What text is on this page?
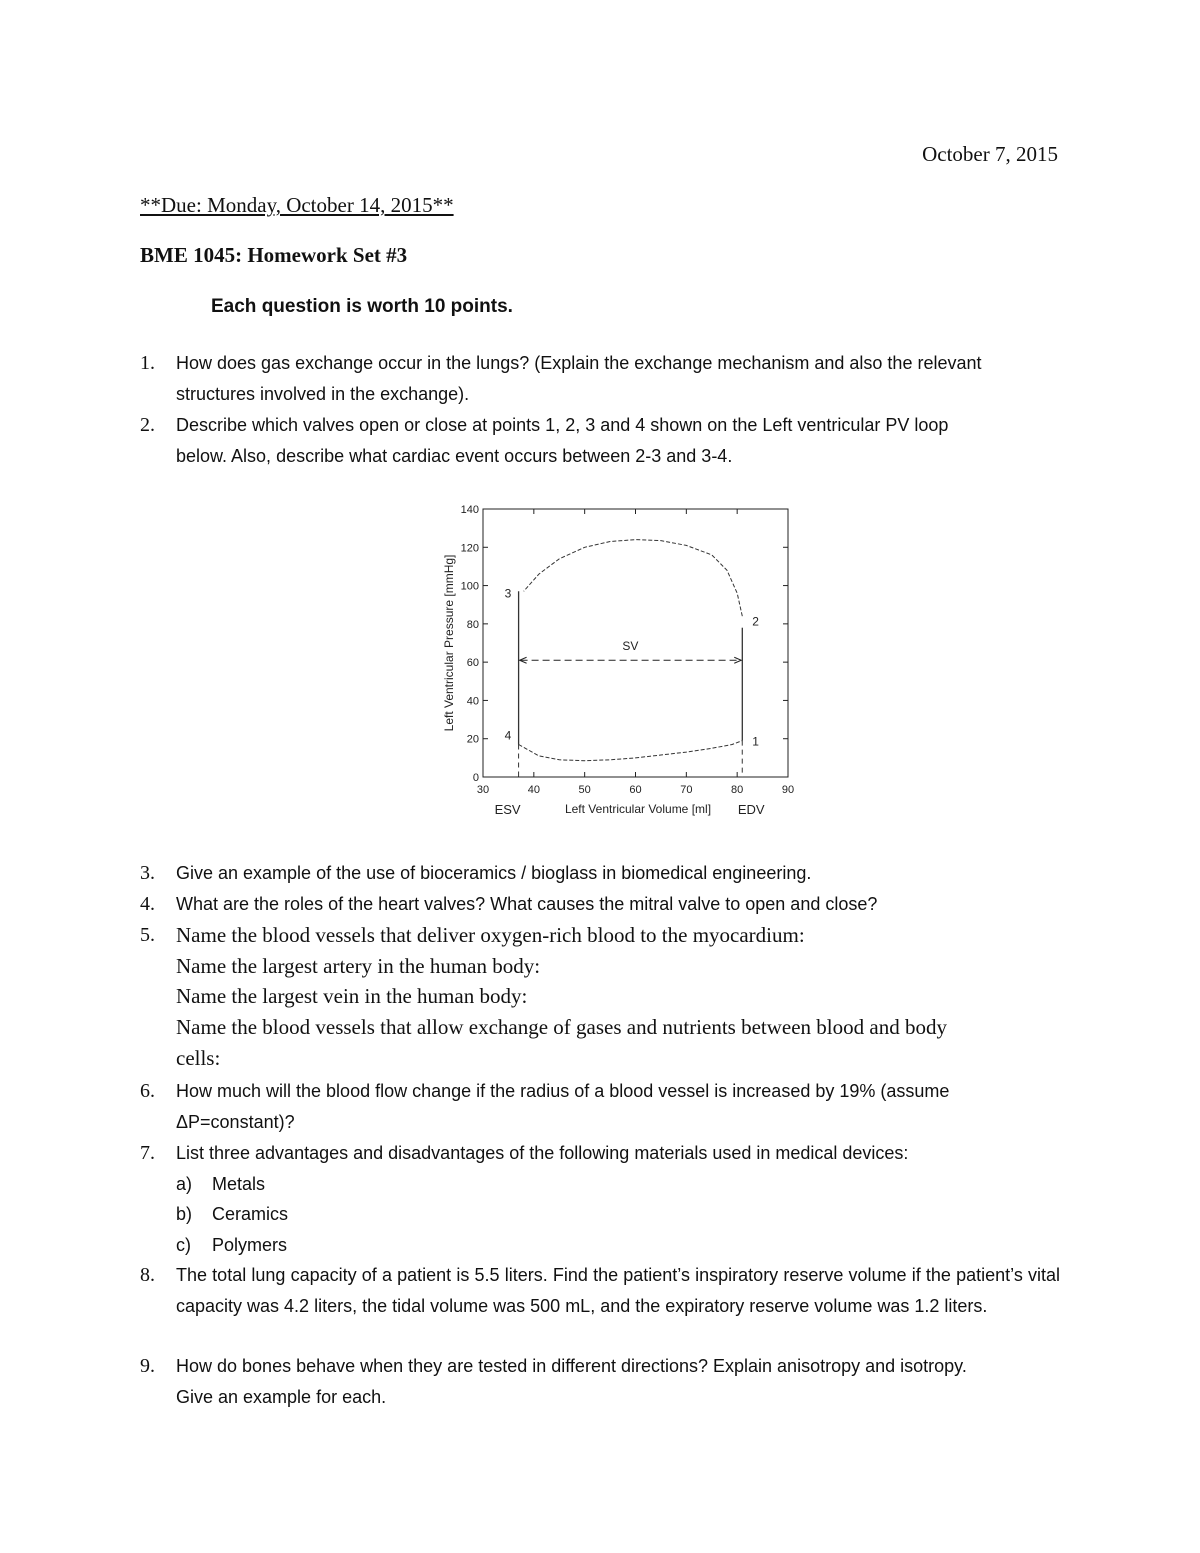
October 7, 2015
**Due: Monday, October 14, 2015**
BME 1045: Homework Set #3
Each question is worth 10 points.
1. How does gas exchange occur in the lungs? (Explain the exchange mechanism and also the relevant
structures involved in the exchange).
2. Describe which valves open or close at points 1, 2, 3 and 4 shown on the Left ventricular PV loop
below. Also, describe what cardiac event occurs between 2-3 and 3-4.
0
20
40
60
80
100
120
140
30	40	50	60	70	80	90
1
2
3
4
SV
ESV	EDV
Left Ventricular Pressure [mmHg]
Left Ventricular Volume [ml]
3. Give an example of the use of bioceramics / bioglass in biomedical engineering.
4. What are the roles of the heart valves? What causes the mitral valve to open and close?
5. Name the blood vessels that deliver oxygen-rich blood to the myocardium:
Name the largest artery in the human body:
Name the largest vein in the human body:
Name the blood vessels that allow exchange of gases and nutrients between blood and body
cells:
6. How much will the blood flow change if the radius of a blood vessel is increased by 19% (assume
ΔP=constant)?
7. List three advantages and disadvantages of the following materials used in medical devices:
a) Metals
b) Ceramics
c) Polymers
8. The total lung capacity of a patient is 5.5 liters. Find the patient’s inspiratory reserve volume if the patient’s vital capacity was 4.2 liters, the tidal volume was 500 mL, and the expiratory reserve volume was 1.2 liters.
9. How do bones behave when they are tested in different directions? Explain anisotropy and isotropy.
Give an example for each.
